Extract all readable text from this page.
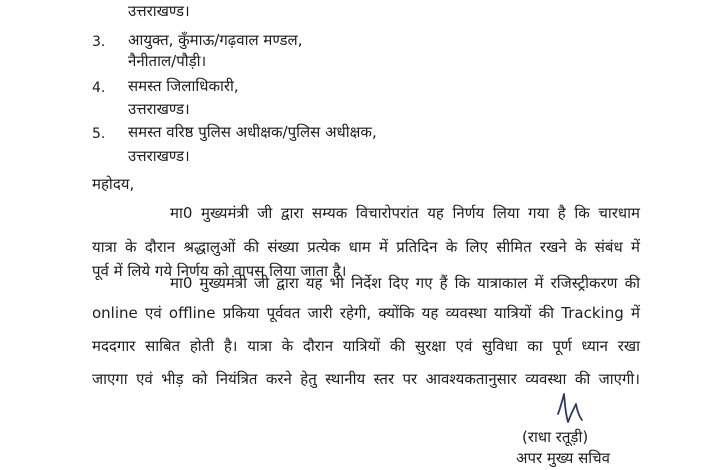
उत्तराखण्ड।
3. आयुक्त, कुँमाऊ/गढ़वाल मण्डल,
नैनीताल/पौड़ी।
4. समस्त जिलाधिकारी,
उत्तराखण्ड।
5. समस्त वरिष्ठ पुलिस अधीक्षक/पुलिस अधीक्षक,
उत्तराखण्ड।
महोदय,
मा0 मुख्यमंत्री जी द्वारा सम्यक विचारोपरांत यह निर्णय लिया गया है कि चारधाम
यात्रा के दौरान श्रद्धालुओं की संख्या प्रत्येक धाम में प्रतिदिन के लिए सीमित रखने के संबंध में
पूर्व में लिये गये निर्णय को वापस लिया जाता है।
मा0 मुख्यमंत्री जी द्वारा यह भी निर्देश दिए गए हैं कि यात्राकाल में रजिस्ट्रीकरण की
online एवं offline प्रकिया पूर्ववत जारी रहेगी, क्योंकि यह व्यवस्था यात्रियों की Tracking में
मददगार साबित होती है। यात्रा के दौरान यात्रियों की सुरक्षा एवं सुविधा का पूर्ण ध्यान रखा
जाएगा एवं भीड़ को नियंत्रित करने हेतु स्थानीय स्तर पर आवश्यकतानुसार व्यवस्था की जाएगी।
(राधा रतूड़ी)
अपर मुख्य सचिव
